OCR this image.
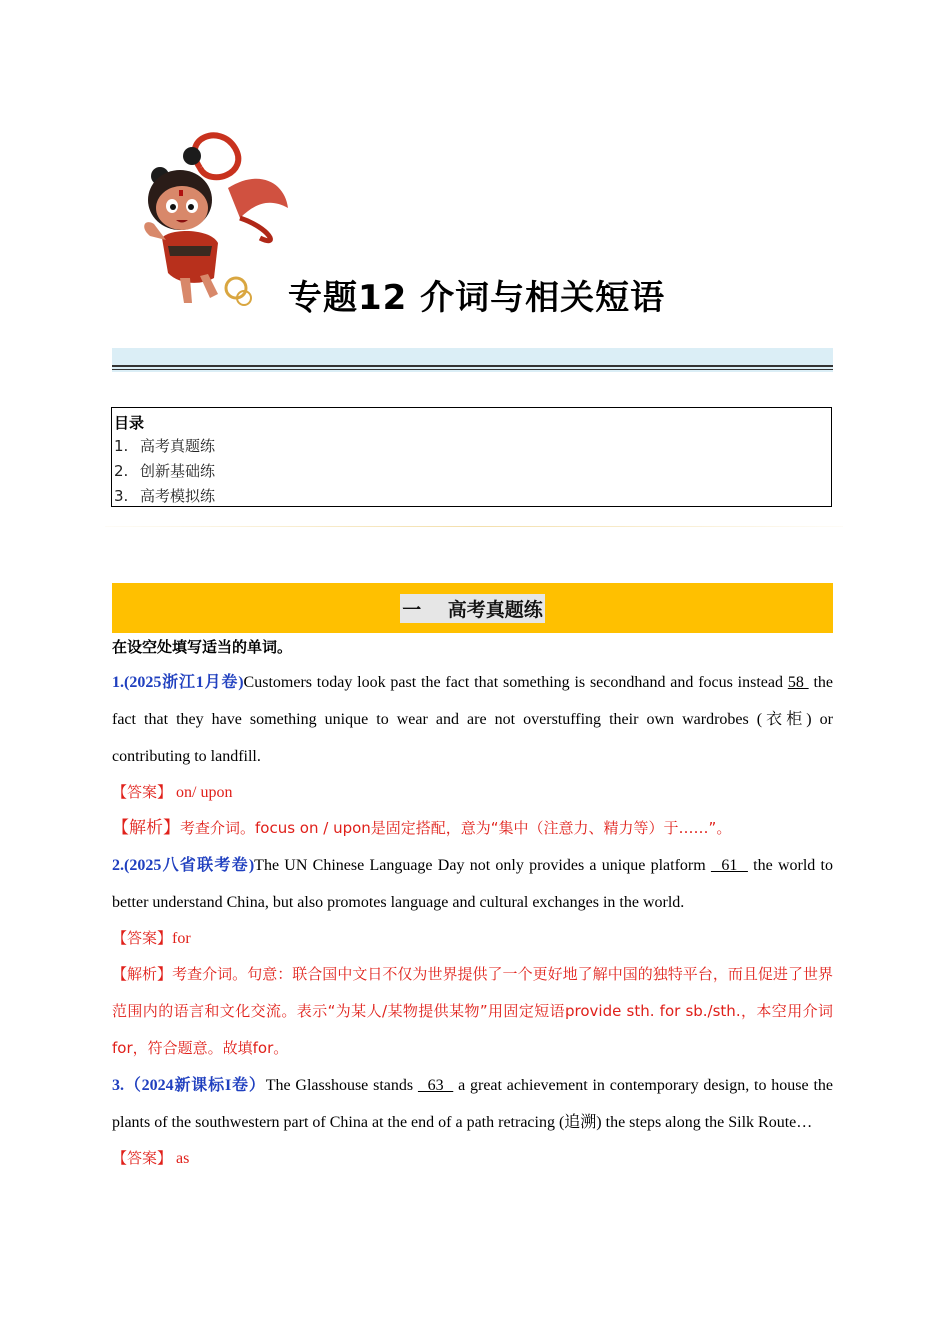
专题12 介词与相关短语
目录
1. 高考真题练
2. 创新基础练
3. 高考模拟练
一    高考真题练
在设空处填写适当的单词。
1.(2025浙江1月卷)Customers today look past the fact that something is secondhand and focus instead 58  the fact that they have something unique to wear and are not overstuffing their own wardrobes (衣柜) or contributing to landfill.
【答案】 on/ upon
【解析】考查介词。focus on / upon是固定搭配，意为“集中（注意力、精力等）于……”。
2.(2025八省联考卷)The UN Chinese Language Day not only provides a unique platform   61   the world to better understand China, but also promotes language and cultural exchanges in the world.
【答案】for
【解析】考查介词。句意：联合国中文日不仅为世界提供了一个更好地了解中国的独特平台，而且促进了世界范围内的语言和文化交流。表示“为某人/某物提供某物”用固定短语provide sth. for sb./sth.，本空用介词for，符合题意。故填for。
3.（2024新课标I卷）The Glasshouse stands   63   a great achievement in contemporary design, to house the plants of the southwestern part of China at the end of a path retracing (追溯) the steps along the Silk Route…
【答案】 as
